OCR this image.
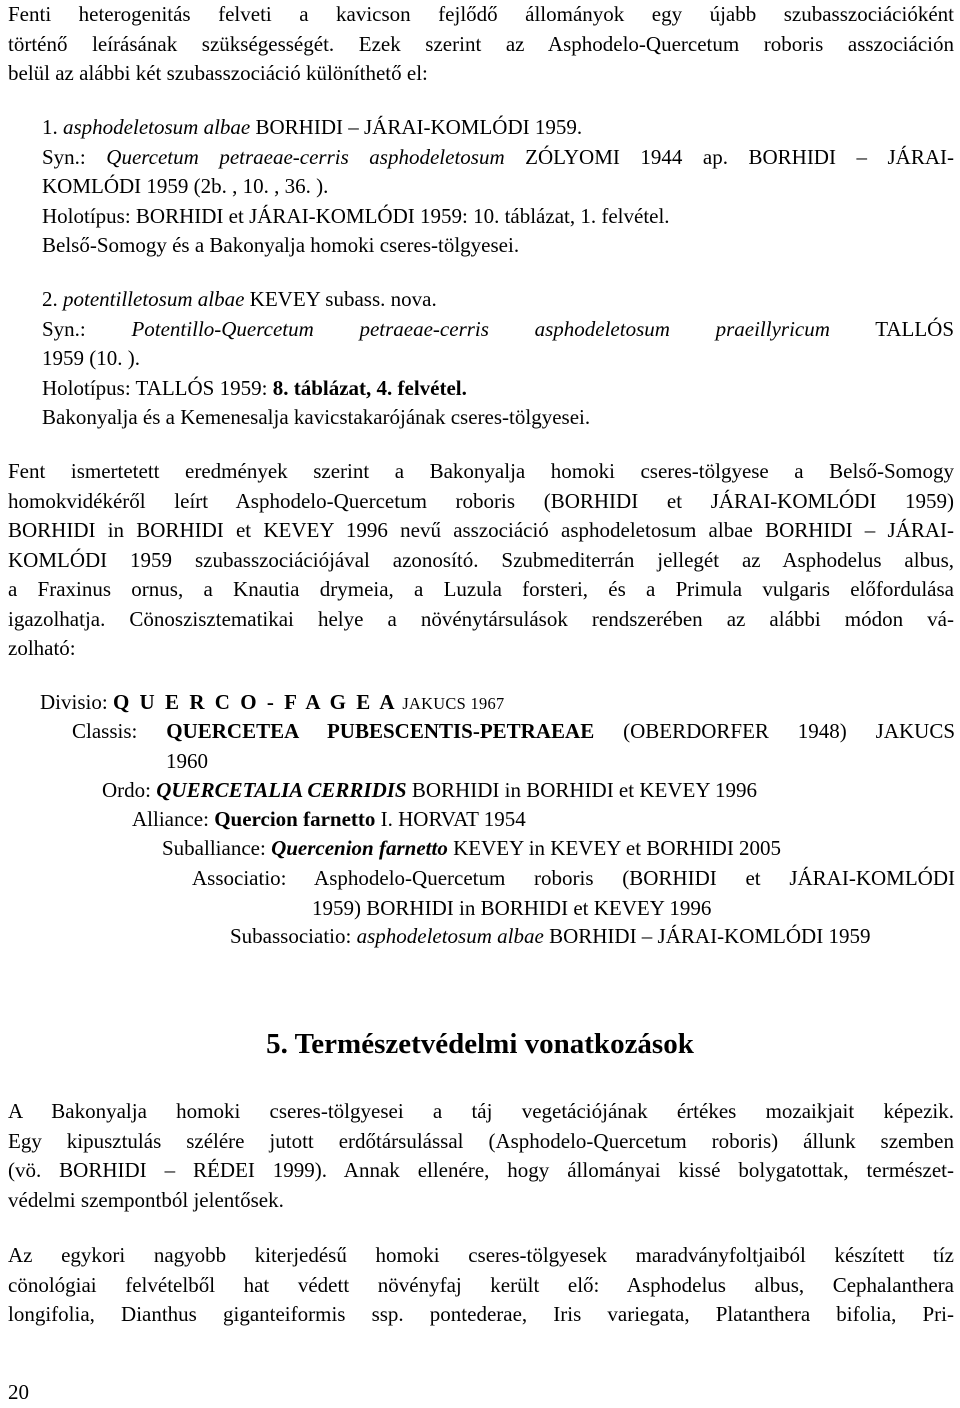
Fenti heterogenitás felveti a kavicson fejlődő állományok egy újabb szubasszociációként
történő leírásának szükségességét. Ezek szerint az Asphodelo-Quercetum roboris asszociáción
belül az alábbi két szubasszociáció különíthető el:
1. asphodeletosum albae BORHIDI – JÁRAI-KOMLÓDI 1959.
Syn.: Quercetum petraeae-cerris asphodeletosum ZÓLYOMI 1944 ap. BORHIDI – JÁRAI-
KOMLÓDI 1959 (2b. , 10. , 36. ).
Holotípus: BORHIDI et JÁRAI-KOMLÓDI 1959: 10. táblázat, 1. felvétel.
Belső-Somogy és a Bakonyalja homoki cseres-tölgyesei.
2. potentilletosum albae KEVEY subass. nova.
Syn.: Potentillo-Quercetum petraeae-cerris asphodeletosum praeillyricum TALLÓS
1959 (10. ).
Holotípus: TALLÓS 1959: 8. táblázat, 4. felvétel.
Bakonyalja és a Kemenesalja kavicstakarójának cseres-tölgyesei.
Fent ismertetett eredmények szerint a Bakonyalja homoki cseres-tölgyese a Belső-Somogy
homokvidékéről leírt Asphodelo-Quercetum roboris (BORHIDI et JÁRAI-KOMLÓDI 1959)
BORHIDI in BORHIDI et KEVEY 1996 nevű asszociáció asphodeletosum albae BORHIDI – JÁRAI-
KOMLÓDI 1959 szubasszociációjával azonosító. Szubmediterrán jellegét az Asphodelus albus,
a Fraxinus ornus, a Knautia drymeia, a Luzula forsteri, és a Primula vulgaris előfordulása
igazolhatja. Cönoszisztematikai helye a növénytársulások rendszerében az alábbi módon vá-
zolható:
Divisio: Q U E R C O - F A G E A JAKUCS 1967
Classis: QUERCETEA PUBESCENTIS-PETRAEAE (OBERDORFER 1948) JAKUCS
1960
Ordo: QUERCETALIA CERRIDIS BORHIDI in BORHIDI et KEVEY 1996
Alliance: Quercion farnetto I. HORVAT 1954
Suballiance: Quercenion farnetto KEVEY in KEVEY et BORHIDI 2005
Associatio: Asphodelo-Quercetum roboris (BORHIDI et JÁRAI-KOMLÓDI
1959) BORHIDI in BORHIDI et KEVEY 1996
Subassociatio: asphodeletosum albae BORHIDI – JÁRAI-KOMLÓDI 1959
5. Természetvédelmi vonatkozások
A Bakonyalja homoki cseres-tölgyesei a táj vegetációjának értékes mozaikjait képezik.
Egy kipusztulás szélére jutott erdőtársulással (Asphodelo-Quercetum roboris) állunk szemben
(vö. BORHIDI – RÉDEI 1999). Annak ellenére, hogy állományai kissé bolygatottak, természet-
védelmi szempontból jelentősek.
Az egykori nagyobb kiterjedésű homoki cseres-tölgyesek maradványfoltjaiból készített tíz
cönológiai felvételből hat védett növényfaj került elő: Asphodelus albus, Cephalanthera
longifolia, Dianthus giganteiformis ssp. pontederae, Iris variegata, Platanthera bifolia, Pri-
20
